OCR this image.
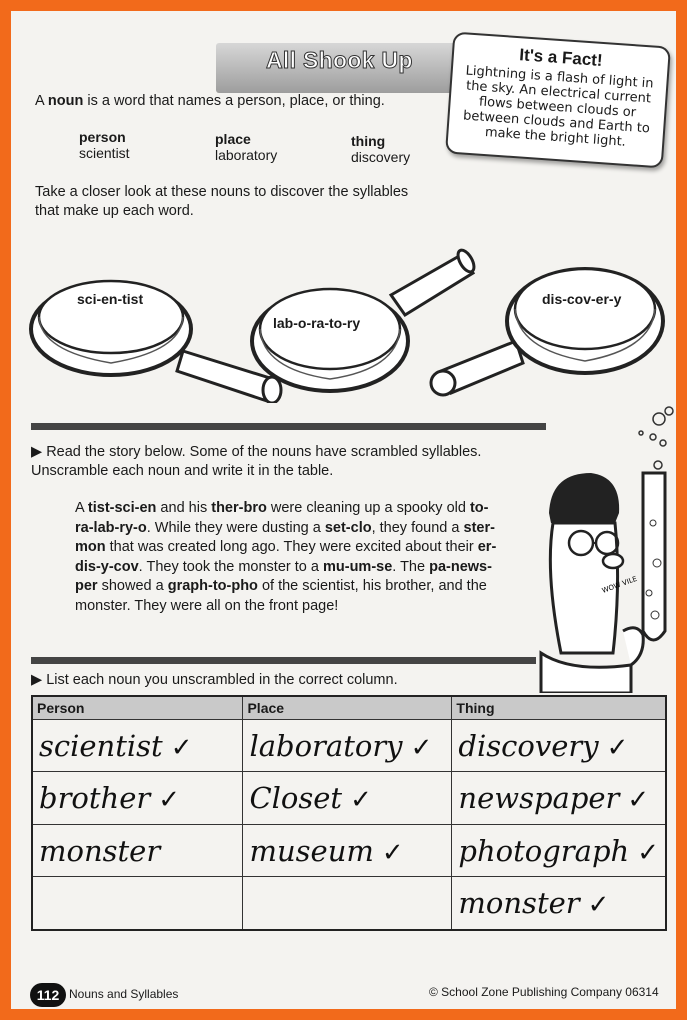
All Shook Up	It's a Fact!
Lightning is a flash of light in the sky. An electrical current flows between clouds or between clouds and Earth to make the bright light.
A noun is a word that names a person, place, or thing.
person
scientist
place
laboratory
thing
discovery
Take a closer look at these nouns to discover the syllables that make up each word.
sci-en-tist
lab-o-ra-to-ry
dis-cov-er-y
▶ Read the story below. Some of the nouns have scrambled syllables. Unscramble each noun and write it in the table.
A tist-sci-en and his ther-bro were cleaning up a spooky old to-ra-lab-ry-o. While they were dusting a set-clo, they found a ster-mon that was created long ago. They were excited about their er-dis-y-cov. They took the monster to a mu-um-se. The pa-news-per showed a graph-to-pho of the scientist, his brother, and the monster. They were all on the front page!
WOW VILE
▶ List each noun you unscrambled in the correct column.
Person	Place	Thing
scientist ✓	laboratory ✓	discovery ✓
brother ✓	Closet ✓	newspaper ✓
monster	museum ✓	photograph ✓
		monster ✓
112 Nouns and Syllables	© School Zone Publishing Company 06314
